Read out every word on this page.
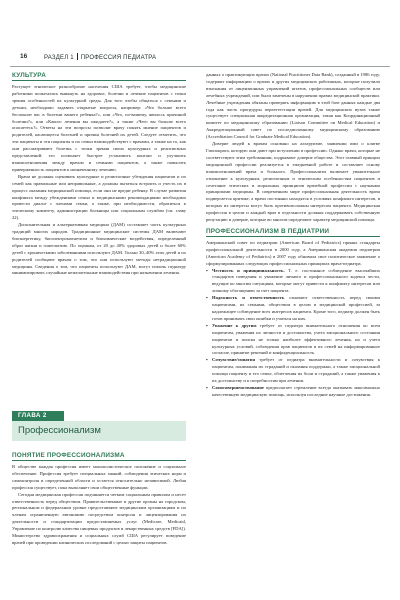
16	РАЗДЕЛ 1 ПРОФЕССИЯ ПЕДИАТРА
КУЛЬТУРА

Растущее этническое разнообразие населения США требует, чтобы медицинские работники попытались вникнуть на здоровье, болезни и лечение пациентов с точки зрения особенностей их культурной среды. Для того чтобы общаться с семьями и детьми, необходимо задавать открытые вопросы, например: «Что больше всего беспокоит вас в болезни вашего ребенка?», или «Что, по-вашему, явилось причиной болезни?», или «Какого лечения вы ожидаете?», а также «Чего вы больше всего опасаетесь?» Ответы на эти вопросы позволят врачу понять мнение пациентов и родителей, касающееся болезней и причин болезней их детей. Следует отметить, что эти пациенты и эти пациенты и их семьи взаимодействуют с врачами, а также на то, как они рассматривают болезнь с точки зрения своих культурных и религиозных представлений: это позволяет быстрее установить контакт и улучшить взаимоотношения между врачом и семьями пациентов, а также повысить приверженность пациентов к назначенному лечению.

Врачи не должны оценивать культурные и религиозные убеждения пациентов и их семей как правильные или неправильные, а должны пытаться встроить и учесть их в процесс оказания медицинской помощи, если они не вредят ребенку. В случае развития конфликта между убеждениями семьи и медицинскими рекомендациями необходимо провести диалог с членами семьи, а также, при необходимости, обратиться к этическому комитету, администрации больницы или социальным службам (см. главу 22).

Дополнительная и альтернативная медицина (ДАМ) составляет часть культурных традиций многих народов. Традиционные медицинские системы ДАМ включают биоэнергетику, биоэлектромагнетизм и биохимические воздействия, определенный образ жизни и гомеопатию. По оценкам, от 20 до 40% здоровых детей и более 60% детей с хроническими заболеваниями используют ДАМ. Только 30–40% этих детей и их родителей сообщают врачам о том, что они используют методы нетрадиционной медицины. Сведения о том, что пациенты используют ДАМ, могут помочь педиатру минимизировать случайные нежелательные взаимодействия при назначении лечения.

ГЛАВА 2
Профессионализм
ПОНЯТИЕ ПРОФЕССИОНАЛИЗМА

В обществе каждая профессия имеет монополистическое положение и социальное обеспечение. Профессия требует специальных знаний, соблюдения этических норм и самоконтроля в определенной области и остается относительно независимой. Любая профессия существует, пока выполняет свои общественные функции.

Сегодня медицинская профессия подчиняется четким социальным правилам и несет ответственность перед обществом. Правительственные и другие органы на городском, региональном и федеральном уровне предоставляют медицинским организациям и их членам ограниченную автономию посредством контроля и лицензирования их деятельности и стандартизации предоставляемых услуг (Medicare, Medicaid, Управление по контролю качества пищевых продуктов и лекарственных средств [FDA]). Министерство здравоохранения и социальных служб США регулирует поведение врачей при проведении клинических исследований с целью защиты пациентов.

данных о практикующих врачах (National Practitioner Data Bank), созданный в 1986 году, содержит информацию о врачах и других медицинских работниках, которые получили взыскания от лицензионных управлений штатов, профессиональных сообществ или лечебных учреждений, или были замечены в нарушении правил медицинской практики. Лечебные учреждения обязаны проверять информацию в этой базе данных каждые два года как часть процедуры переаттестации врачей. Для медицинских вузов также существует специальная аккредитационная организация, такая как Координационный комитет по медицинскому образованию (Liaison Committee on Medical Education) и Аккредитационный совет по последипломному медицинскому образованию (Accreditation Council for Graduate Medical Education).

Доверие людей к врачам основано на альтруизме, заявлении ими о клятве Гиппократа, которую они дают при вступлении в профессию. Однако врачи, которые не соответствуют этим требованиям, подрывают доверие общества. Этот главный принцип медицинской профессии реализуется в ежедневной работе и составляет основу взаимоотношений врача и больного. Профессионализм включает уважительное отношение к культурным, религиозным и этническим особенностям пациентов и сочетание этических и моральных принципов врачебной профессии с научными принципами медицины. В современном мире профессиональная деятельность врача подвергается критике, а врачи постоянно находятся в условиях конфликта интересов, в которых их интересы могут быть противоположны интересам пациента. Медицинская профессия в целом и каждый врач в отдельности должны поддерживать собственную репутацию и доверие, которые во многом определяют характер медицинской помощи.

ПРОФЕССИОНАЛИЗМ В ПЕДИАТРИИ

Американский совет по педиатрии (American Board of Pediatrics) принял стандарты профессиональной деятельности в 2000 году, а Американская академия педиатрии (American Academy of Pediatrics) в 2007 году обновила свое политическое заявление о сформулированных следующих профессиональных принципах врача-педиатра.

▪ Честность и принципиальность. Т. е. постоянное соблюдение высочайших стандартов поведения и уважение личного и профессионального кодекса чести, ведущие ко многим ситуациям, которые могут привести к конфликту интересов или личному обогащению за счет пациента.
▪ Надежность и ответственность означают ответственность перед своими пациентами, их семьями, обществом в целом и медицинской профессией, за надлежащее соблюдение всех интересов пациента. Кроме того, педиатр должен быть готов принимать свои ошибки и учиться на них.
▪ Уважение к другим требует от педиатра внимательного отношения ко всем пациентам, уважения их личности и достоинства, учета эмоционального состояния пациентов и поиска не только наиболее эффективного лечения, но и учета культурных условий, соблюдения прав пациентов и их семей на информированное согласие, принятие решений и конфиденциальность.
▪ Сочувствие/эмпатия требует от педиатра внимательности и сочувствия к пациентам, понимания их страданий и оказания поддержки, а также эмоциональной помощи пациенту и его семье, облегчения их боли и страданий, а также уважения к их достоинству и к потребностям при лечении.
▪ Самосовершенствование предполагает стремление всегда оказывать максимально качественную медицинскую помощь, используя последние научные достижения.
